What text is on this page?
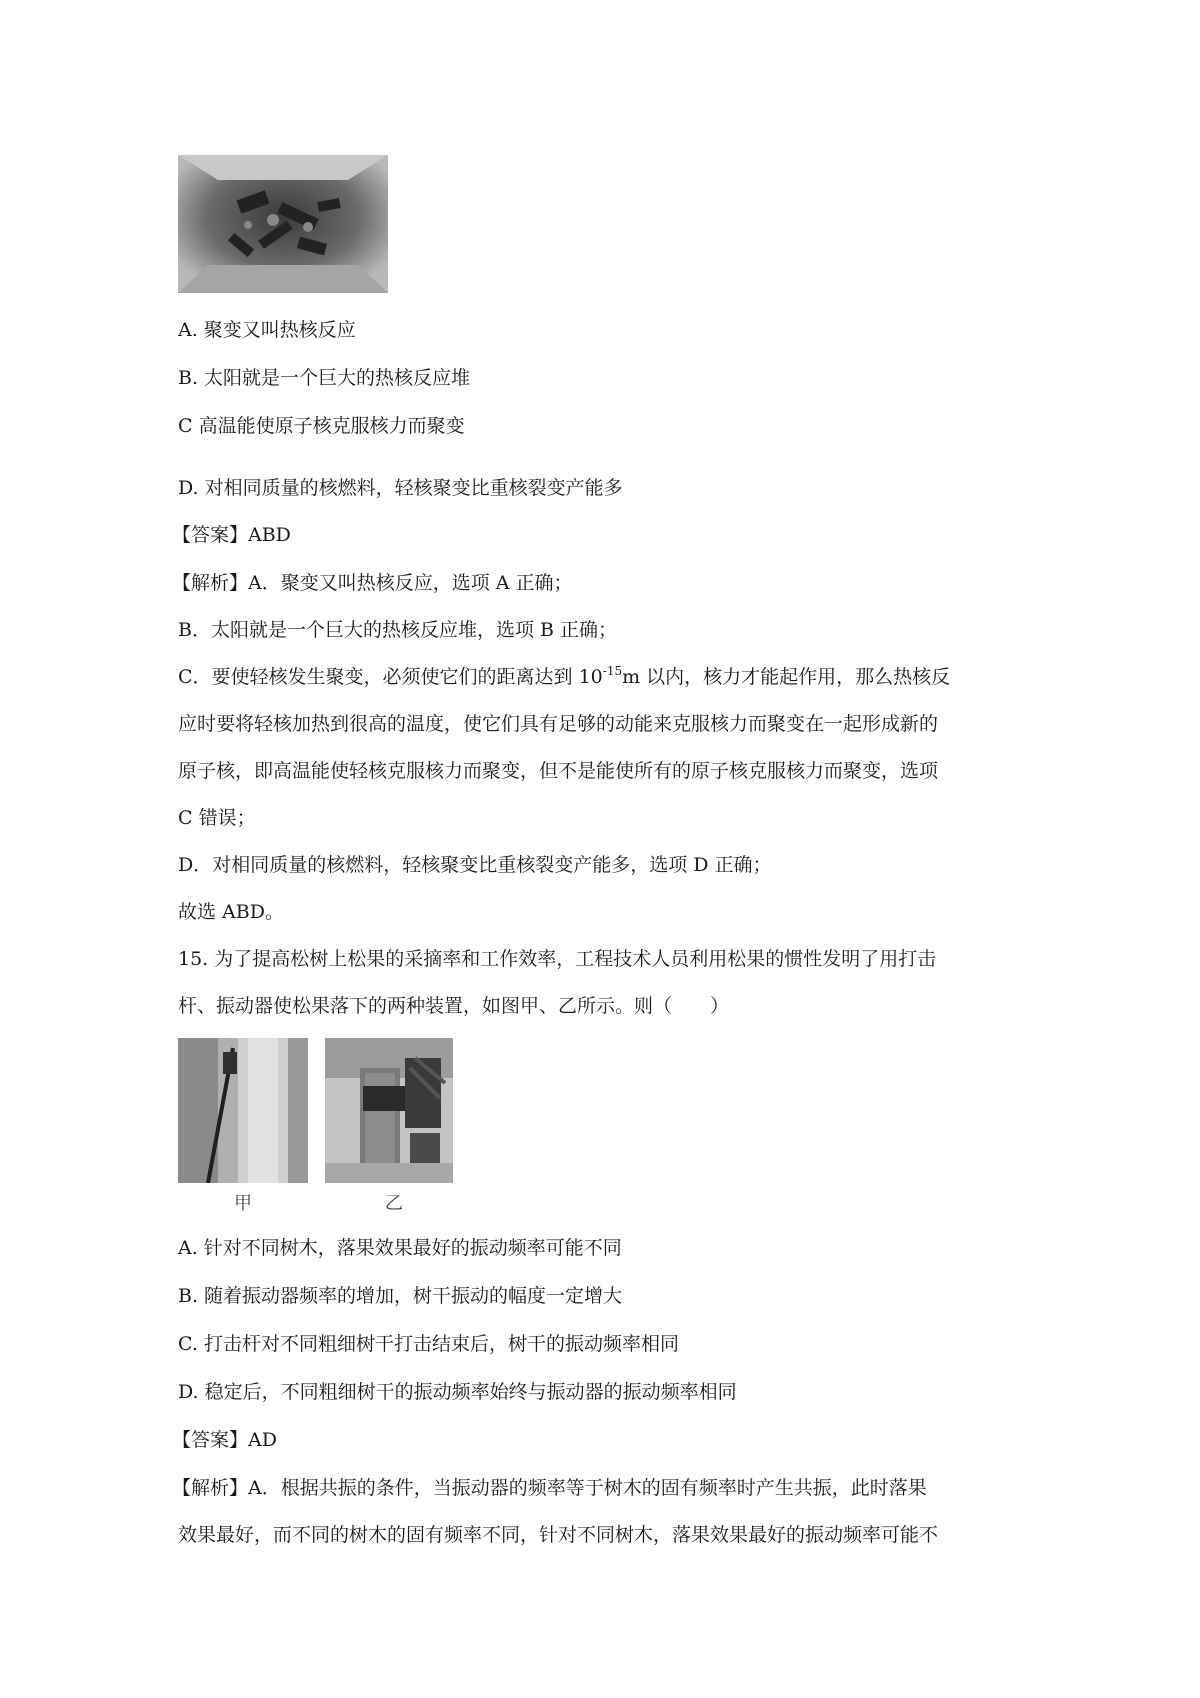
A. 聚变又叫热核反应
B. 太阳就是一个巨大的热核反应堆
C 高温能使原子核克服核力而聚变
D. 对相同质量的核燃料，轻核聚变比重核裂变产能多
【答案】ABD
【解析】A．聚变又叫热核反应，选项 A 正确；
B．太阳就是一个巨大的热核反应堆，选项 B 正确；
C．要使轻核发生聚变，必须使它们的距离达到 $10^{-15}m$ 以内，核力才能起作用，那么热核反
应时要将轻核加热到很高的温度，使它们具有足够的动能来克服核力而聚变在一起形成新的
原子核，即高温能使轻核克服核力而聚变，但不是能使所有的原子核克服核力而聚变，选项
C 错误；
D．对相同质量的核燃料，轻核聚变比重核裂变产能多，选项 D 正确；
故选 ABD。
15. 为了提高松树上松果的采摘率和工作效率，工程技术人员利用松果的惯性发明了用打击
杆、振动器使松果落下的两种装置，如图甲、乙所示。则（　　）
甲	乙
A. 针对不同树木，落果效果最好的振动频率可能不同
B. 随着振动器频率的增加，树干振动的幅度一定增大
C. 打击杆对不同粗细树干打击结束后，树干的振动频率相同
D. 稳定后，不同粗细树干的振动频率始终与振动器的振动频率相同
【答案】AD
【解析】A．根据共振的条件，当振动器的频率等于树木的固有频率时产生共振，此时落果
效果最好，而不同的树木的固有频率不同，针对不同树木，落果效果最好的振动频率可能不
